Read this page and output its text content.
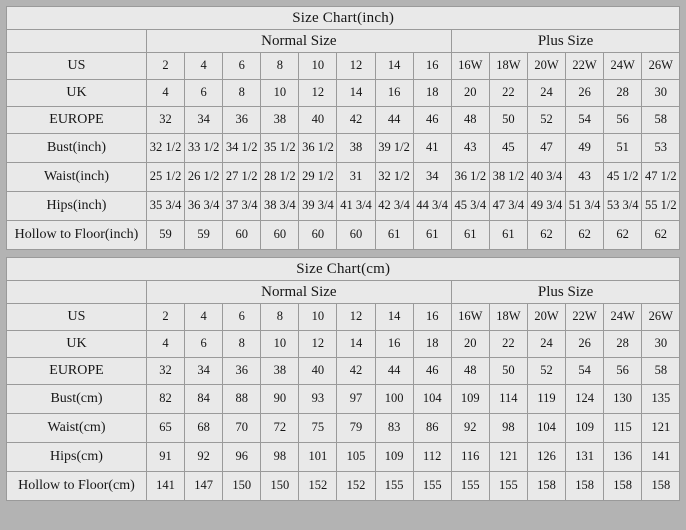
Size Chart(inch)														
	Normal Size								Plus Size					
US	2	4	6	8	10	12	14	16	16W	18W	20W	22W	24W	26W
UK	4	6	8	10	12	14	16	18	20	22	24	26	28	30
EUROPE	32	34	36	38	40	42	44	46	48	50	52	54	56	58
Bust(inch)	32 1/2	33 1/2	34 1/2	35 1/2	36 1/2	38	39 1/2	41	43	45	47	49	51	53
Waist(inch)	25 1/2	26 1/2	27 1/2	28 1/2	29 1/2	31	32 1/2	34	36 1/2	38 1/2	40 3/4	43	45 1/2	47 1/2
Hips(inch)	35 3/4	36 3/4	37 3/4	38 3/4	39 3/4	41 3/4	42 3/4	44 3/4	45 3/4	47 3/4	49 3/4	51 3/4	53 3/4	55 1/2
Hollow to Floor(inch)	59	59	60	60	60	60	61	61	61	61	62	62	62	62
Size Chart(cm)														
	Normal Size								Plus Size					
US	2	4	6	8	10	12	14	16	16W	18W	20W	22W	24W	26W
UK	4	6	8	10	12	14	16	18	20	22	24	26	28	30
EUROPE	32	34	36	38	40	42	44	46	48	50	52	54	56	58
Bust(cm)	82	84	88	90	93	97	100	104	109	114	119	124	130	135
Waist(cm)	65	68	70	72	75	79	83	86	92	98	104	109	115	121
Hips(cm)	91	92	96	98	101	105	109	112	116	121	126	131	136	141
Hollow to Floor(cm)	141	147	150	150	152	152	155	155	155	155	158	158	158	158
